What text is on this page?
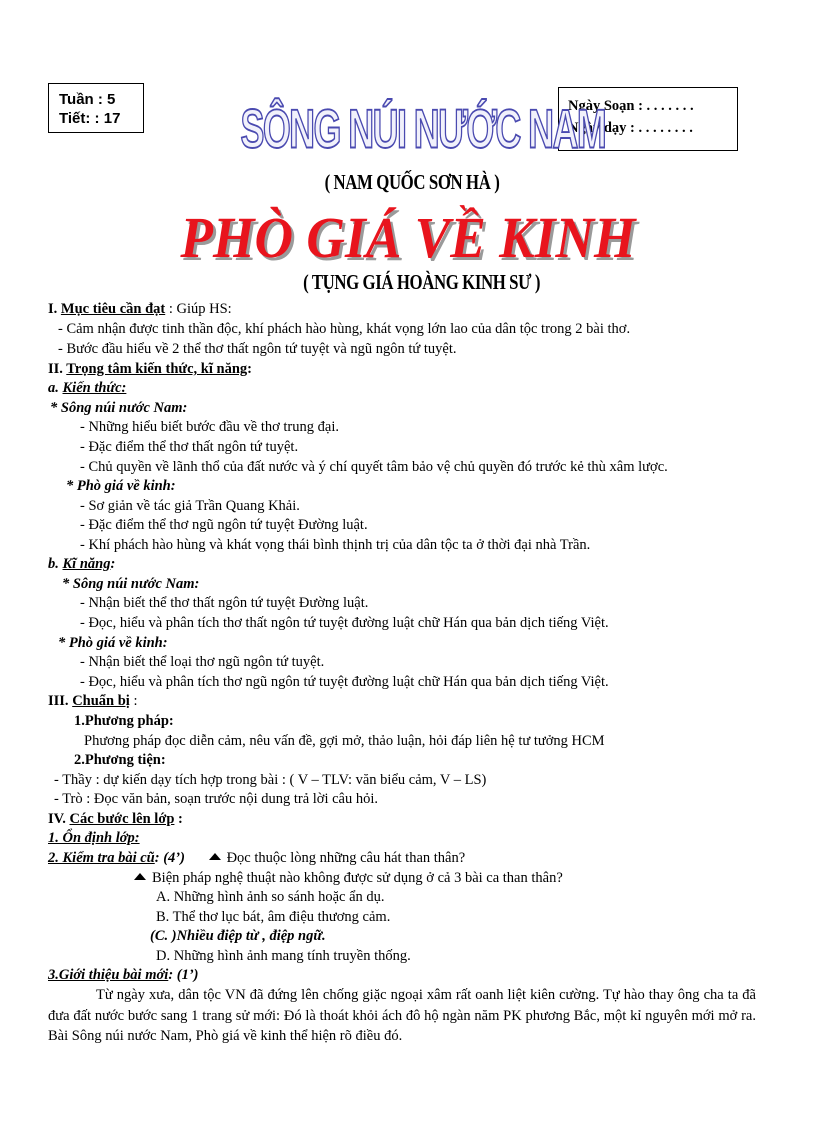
Tuần : 5
Tiết: : 17
Ngày Soạn : . . . . . . .
Ngày dạy : . . . . . . . .
SÔNG NÚI NƯỚC NAM
( NAM QUỐC SƠN HÀ )
PHÒ GIÁ VỀ KINH
( TỤNG GIÁ HOÀNG KINH SƯ )
I. Mục tiêu cần đạt : Giúp HS:
- Cảm nhận được tinh thần độc, khí phách hào hùng, khát vọng lớn lao của dân tộc trong 2 bài thơ.
- Bước đầu hiểu về 2 thể thơ thất ngôn tứ tuyệt và ngũ ngôn tứ tuyệt.
II. Trọng tâm kiến thức, kĩ năng:
a. Kiến thức:
* Sông núi nước Nam:
- Những hiểu biết bước đầu về thơ trung đại.
- Đặc điểm thể thơ thất ngôn tứ tuyệt.
- Chủ quyền về lãnh thổ của đất nước và ý chí quyết tâm bảo vệ chủ quyền đó trước kẻ thù xâm lược.
* Phò giá về kinh:
- Sơ giản về tác giả Trần Quang Khải.
- Đặc điểm thể thơ ngũ ngôn tứ tuyệt Đường luật.
- Khí phách hào hùng và khát vọng thái bình thịnh trị của dân tộc ta ở thời đại nhà Trần.
b. Kĩ năng:
* Sông núi nước Nam:
- Nhận biết thể thơ thất ngôn tứ tuyệt Đường luật.
- Đọc, hiểu và phân tích thơ thất ngôn tứ tuyệt đường luật chữ Hán qua bản dịch tiếng Việt.
* Phò giá về kinh:
- Nhận biết thể loại thơ ngũ ngôn tứ tuyệt.
- Đọc, hiểu và phân tích thơ ngũ ngôn tứ tuyệt đường luật chữ Hán qua bản dịch tiếng Việt.
III. Chuẩn bị :
1.Phương pháp:
Phương pháp đọc diễn cảm, nêu vấn đề, gợi mở, thảo luận, hỏi đáp liên hệ tư tưởng HCM
2.Phương tiện:
- Thầy : dự kiến dạy tích hợp trong bài : ( V – TLV: văn biểu cảm, V – LS)
- Trò : Đọc văn bản, soạn trước nội dung trả lời câu hỏi.
IV. Các bước lên lớp :
1. Ổn định lớp:
2. Kiểm tra bài cũ: (4’)	Đọc thuộc lòng những câu hát than thân?
Biện pháp nghệ thuật nào không được sử dụng ở cả 3 bài ca than thân?
A. Những hình ảnh so sánh hoặc ẩn dụ.
B. Thể thơ lục bát, âm điệu thương cảm.
(C. )Nhiều điệp từ , điệp ngữ.
D. Những hình ảnh mang tính truyền thống.
3.Giới thiệu bài mới: (1’)
Từ ngày xưa, dân tộc VN đã đứng lên chống giặc ngoại xâm rất oanh liệt kiên cường. Tự hào thay ông cha ta đã đưa đất nước bước sang 1 trang sử mới: Đó là thoát khỏi ách đô hộ ngàn năm PK phương Bắc, một kỉ nguyên mới mở ra. Bài Sông núi nước Nam, Phò giá về kinh thể hiện rõ điều đó.
